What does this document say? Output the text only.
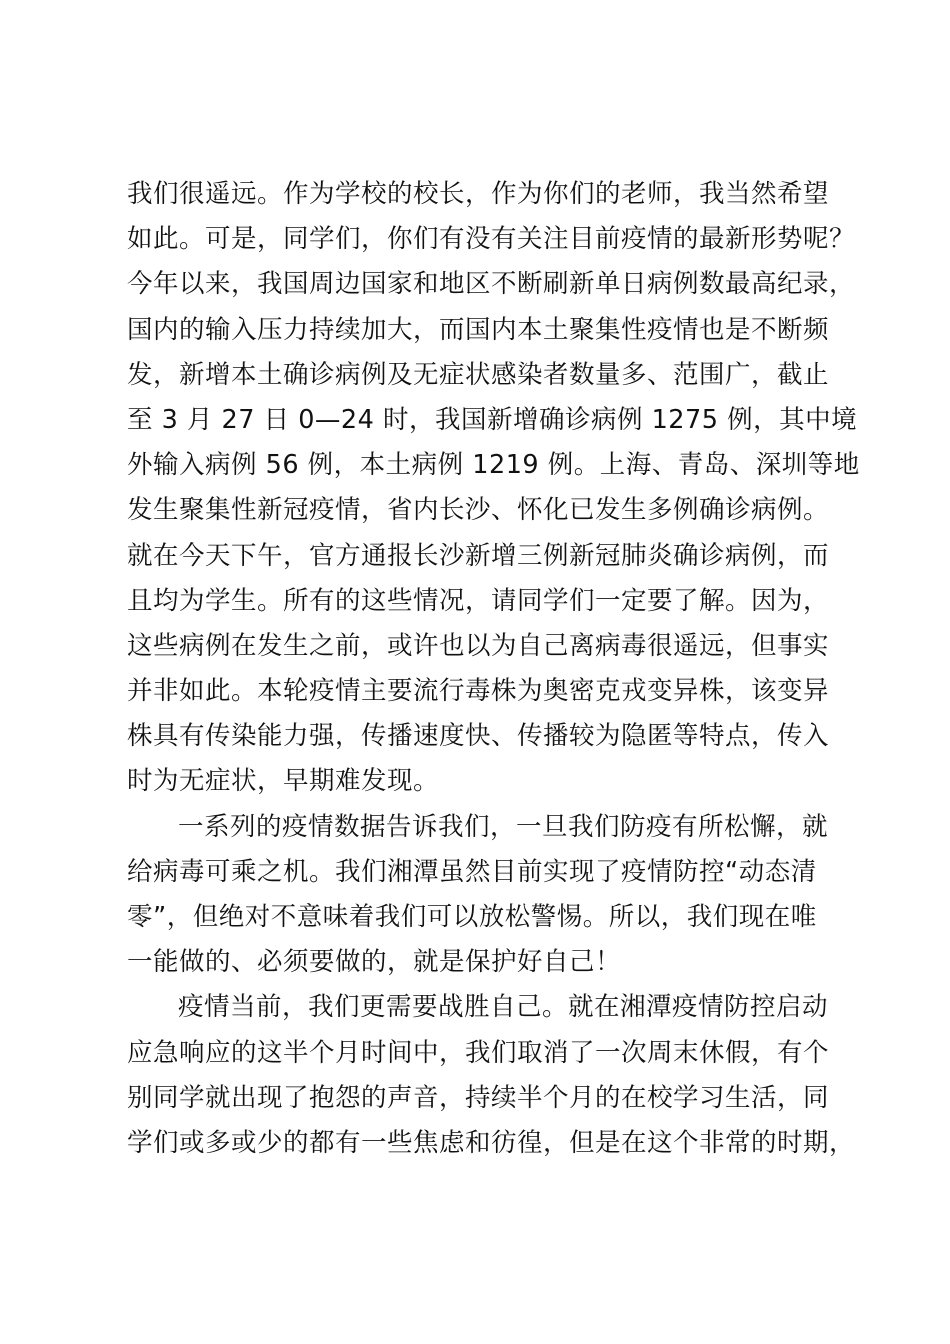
我们很遥远。作为学校的校长，作为你们的老师，我当然希望
如此。可是，同学们，你们有没有关注目前疫情的最新形势呢？
今年以来，我国周边国家和地区不断刷新单日病例数最高纪录，
国内的输入压力持续加大，而国内本土聚集性疫情也是不断频
发，新增本土确诊病例及无症状感染者数量多、范围广，截止
至 3 月 27 日 0—24 时，我国新增确诊病例 1275 例，其中境
外输入病例 56 例，本土病例 1219 例。上海、青岛、深圳等地
发生聚集性新冠疫情，省内长沙、怀化已发生多例确诊病例。
就在今天下午，官方通报长沙新增三例新冠肺炎确诊病例，而
且均为学生。所有的这些情况，请同学们一定要了解。因为，
这些病例在发生之前，或许也以为自己离病毒很遥远，但事实
并非如此。本轮疫情主要流行毒株为奥密克戎变异株，该变异
株具有传染能力强，传播速度快、传播较为隐匿等特点，传入
时为无症状，早期难发现。
一系列的疫情数据告诉我们，一旦我们防疫有所松懈，就
给病毒可乘之机。我们湘潭虽然目前实现了疫情防控“动态清
零”，但绝对不意味着我们可以放松警惕。所以，我们现在唯
一能做的、必须要做的，就是保护好自己！
疫情当前，我们更需要战胜自己。就在湘潭疫情防控启动
应急响应的这半个月时间中，我们取消了一次周末休假，有个
别同学就出现了抱怨的声音，持续半个月的在校学习生活，同
学们或多或少的都有一些焦虑和彷徨，但是在这个非常的时期，
